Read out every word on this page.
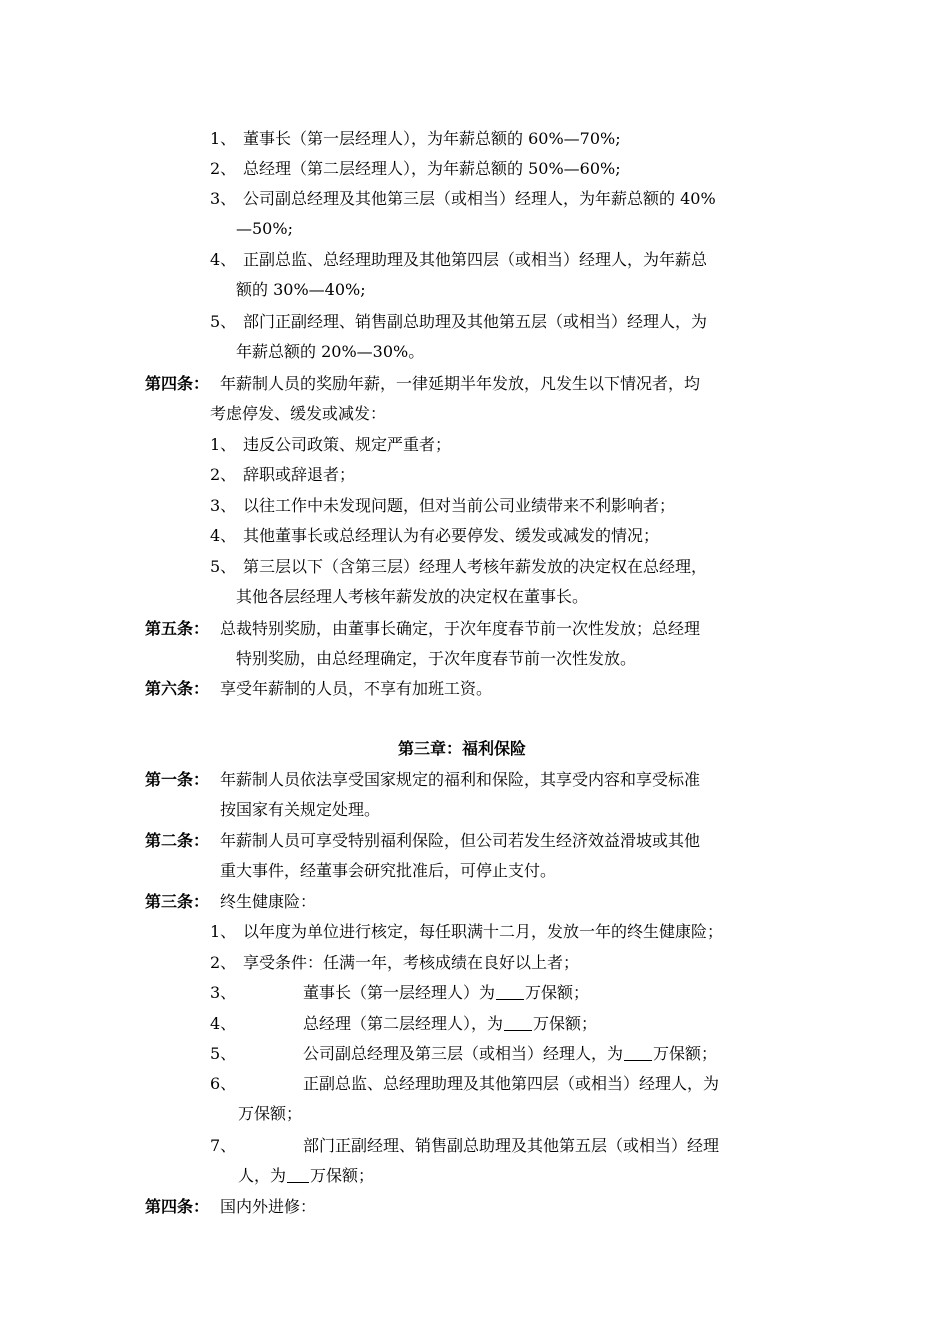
1、 董事长（第一层经理人），为年薪总额的 60%—70%;
2、 总经理（第二层经理人），为年薪总额的 50%—60%;
3、 公司副总经理及其他第三层（或相当）经理人，为年薪总额的 40%
—50%;
4、 正副总监、总经理助理及其他第四层（或相当）经理人，为年薪总
额的 30%—40%;
5、 部门正副经理、销售副总助理及其他第五层（或相当）经理人，为
年薪总额的 20%—30%。
第四条： 年薪制人员的奖励年薪，一律延期半年发放，凡发生以下情况者，均
考虑停发、缓发或减发：
1、 违反公司政策、规定严重者；
2、 辞职或辞退者；
3、 以往工作中未发现问题，但对当前公司业绩带来不利影响者；
4、 其他董事长或总经理认为有必要停发、缓发或减发的情况；
5、 第三层以下（含第三层）经理人考核年薪发放的决定权在总经理，
其他各层经理人考核年薪发放的决定权在董事长。
第五条： 总裁特别奖励，由董事长确定，于次年度春节前一次性发放；总经理
特别奖励，由总经理确定，于次年度春节前一次性发放。
第六条： 享受年薪制的人员，不享有加班工资。
第三章：福利保险
第一条： 年薪制人员依法享受国家规定的福利和保险，其享受内容和享受标准
按国家有关规定处理。
第二条： 年薪制人员可享受特别福利保险，但公司若发生经济效益滑坡或其他
重大事件，经董事会研究批准后，可停止支付。
第三条： 终生健康险：
1、 以年度为单位进行核定，每任职满十二月，发放一年的终生健康险；
2、 享受条件：任满一年，考核成绩在良好以上者；
3、	董事长（第一层经理人）为 万保额；
4、	总经理（第二层经理人），为 万保额；
5、	公司副总经理及第三层（或相当）经理人，为 万保额；
6、	正副总监、总经理助理及其他第四层（或相当）经理人，为
万保额；
7、	部门正副经理、销售副总助理及其他第五层（或相当）经理
人，为 万保额；
第四条： 国内外进修：
